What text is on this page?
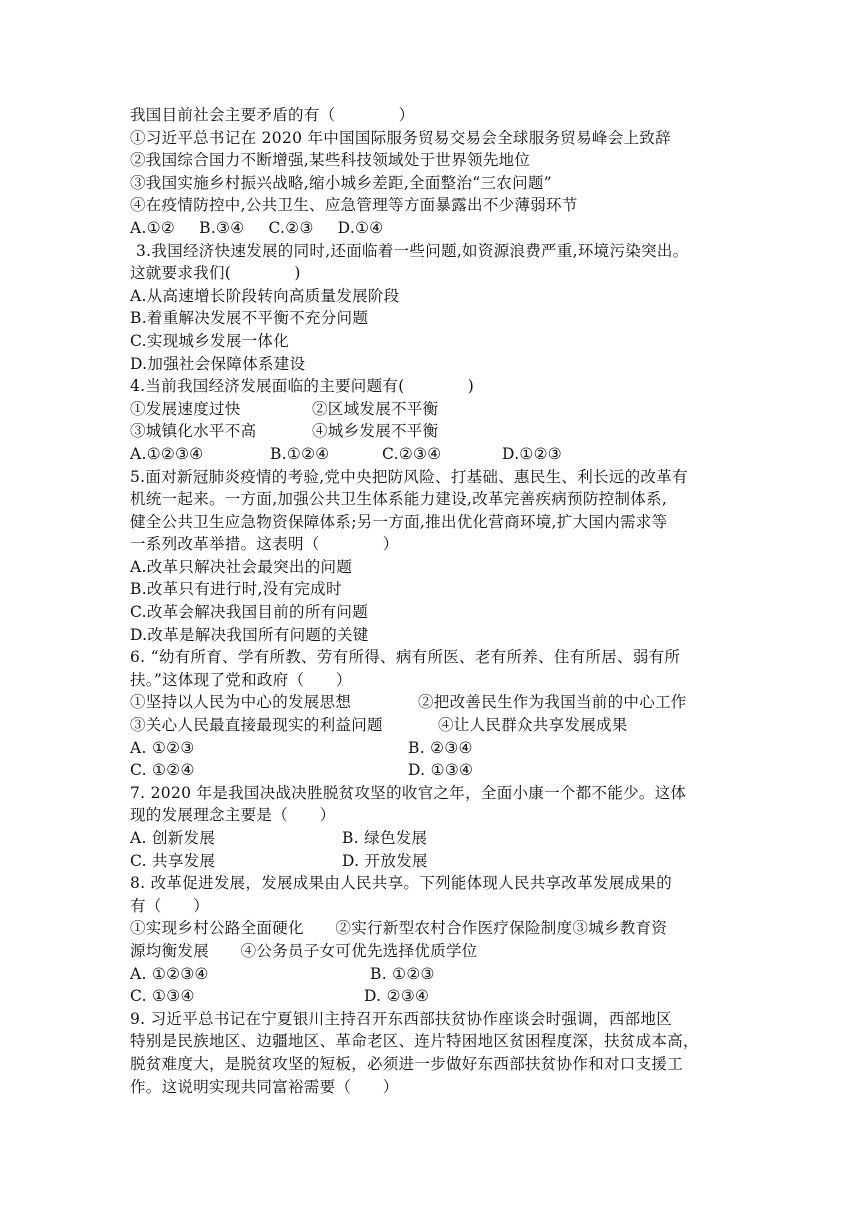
我国目前社会主要矛盾的有（　　　　）
①习近平总书记在 2020 年中国国际服务贸易交易会全球服务贸易峰会上致辞
②我国综合国力不断增强,某些科技领域处于世界领先地位
③我国实施乡村振兴战略,缩小城乡差距,全面整治“三农问题”
④在疫情防控中,公共卫生、应急管理等方面暴露出不少薄弱环节
A.①② B.③④ C.②③ D.①④
3.我国经济快速发展的同时,还面临着一些问题,如资源浪费严重,环境污染突出。
这就要求我们(　　　　)
A.从高速增长阶段转向高质量发展阶段
B.着重解决发展不平衡不充分问题
C.实现城乡发展一体化
D.加强社会保障体系建设
4.当前我国经济发展面临的主要问题有(　　　　)
①发展速度过快	②区域发展不平衡
③城镇化水平不高	④城乡发展不平衡
A.①②③④	B.①②④	C.②③④	D.①②③
5.面对新冠肺炎疫情的考验,党中央把防风险、打基础、惠民生、利长远的改革有
机统一起来。一方面,加强公共卫生体系能力建设,改革完善疾病预防控制体系,
健全公共卫生应急物资保障体系;另一方面,推出优化营商环境,扩大国内需求等
一系列改革举措。这表明（　　　　）
A.改革只解决社会最突出的问题
B.改革只有进行时,没有完成时
C.改革会解决我国目前的所有问题
D.改革是解决我国所有问题的关键
6. “幼有所育、学有所教、劳有所得、病有所医、老有所养、住有所居、弱有所
扶。”这体现了党和政府（　　）
①坚持以人民为中心的发展思想	②把改善民生作为我国当前的中心工作
③关心人民最直接最现实的利益问题	④让人民群众共享发展成果
A. ①②③	B. ②③④
C. ①②④	D. ①③④
7. 2020 年是我国决战决胜脱贫攻坚的收官之年，全面小康一个都不能少。这体
现的发展理念主要是（　　）
A. 创新发展	B. 绿色发展
C. 共享发展	D. 开放发展
8. 改革促进发展，发展成果由人民共享。下列能体现人民共享改革发展成果的
有（　　）
①实现乡村公路全面硬化　　②实行新型农村合作医疗保险制度③城乡教育资
源均衡发展　　④公务员子女可优先选择优质学位
A. ①②③④	B. ①②③
C. ①③④	D. ②③④
9. 习近平总书记在宁夏银川主持召开东西部扶贫协作座谈会时强调，西部地区
特别是民族地区、边疆地区、革命老区、连片特困地区贫困程度深，扶贫成本高，
脱贫难度大，是脱贫攻坚的短板，必须进一步做好东西部扶贫协作和对口支援工
作。这说明实现共同富裕需要（　　）
